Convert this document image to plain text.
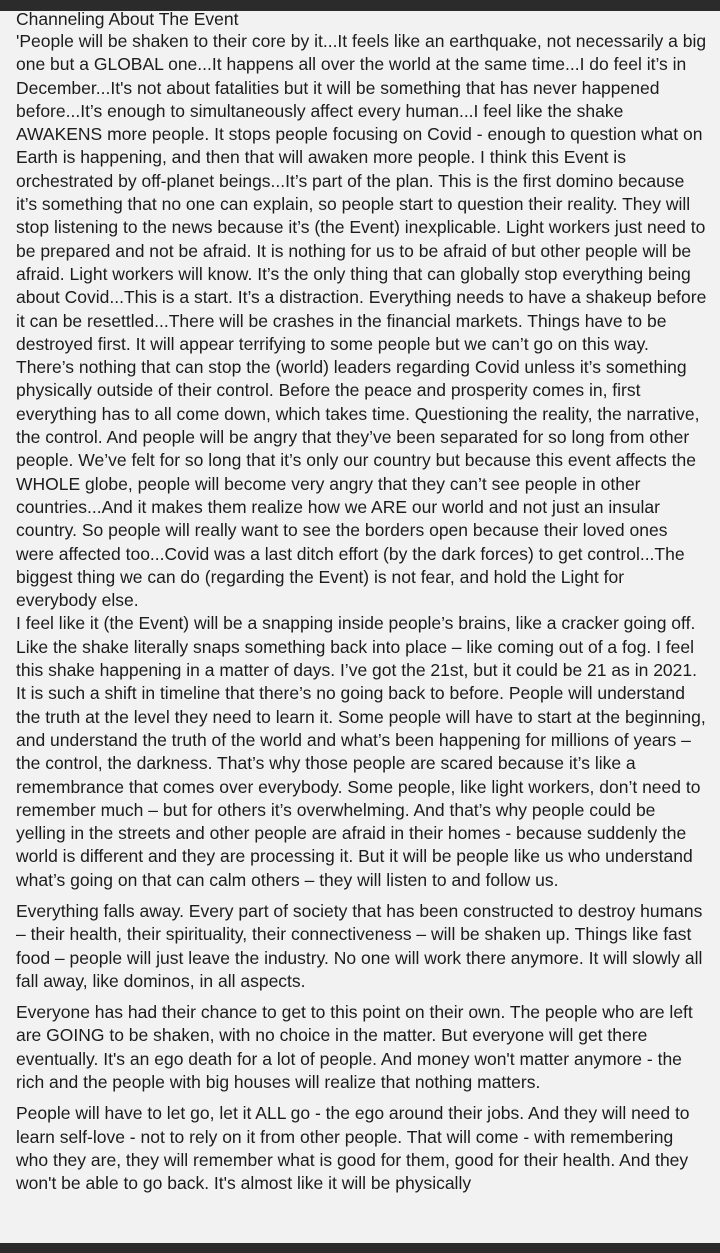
Channeling About The Event

'People will be shaken to their core by it...It feels like an earthquake, not necessarily a big one but a GLOBAL one...It happens all over the world at the same time...I do feel it’s in December...It's not about fatalities but it will be something that has never happened before...It’s enough to simultaneously affect every human...I feel like the shake AWAKENS more people. It stops people focusing on Covid - enough to question what on Earth is happening, and then that will awaken more people. I think this Event is orchestrated by off-planet beings...It’s part of the plan. This is the first domino because it’s something that no one can explain, so people start to question their reality. They will stop listening to the news because it’s (the Event) inexplicable. Light workers just need to be prepared and not be afraid. It is nothing for us to be afraid of but other people will be afraid. Light workers will know. It’s the only thing that can globally stop everything being about Covid...This is a start. It’s a distraction. Everything needs to have a shakeup before it can be resettled...There will be crashes in the financial markets. Things have to be destroyed first. It will appear terrifying to some people but we can’t go on this way. There’s nothing that can stop the (world) leaders regarding Covid unless it’s something physically outside of their control. Before the peace and prosperity comes in, first everything has to all come down, which takes time. Questioning the reality, the narrative, the control. And people will be angry that they’ve been separated for so long from other people. We’ve felt for so long that it’s only our country but because this event affects the WHOLE globe, people will become very angry that they can’t see people in other countries...And it makes them realize how we ARE our world and not just an insular country. So people will really want to see the borders open because their loved ones were affected too...Covid was a last ditch effort (by the dark forces) to get control...The biggest thing we can do (regarding the Event) is not fear, and hold the Light for everybody else.

I feel like it (the Event) will be a snapping inside people’s brains, like a cracker going off. Like the shake literally snaps something back into place – like coming out of a fog. I feel this shake happening in a matter of days. I’ve got the 21st, but it could be 21 as in 2021. It is such a shift in timeline that there’s no going back to before. People will understand the truth at the level they need to learn it. Some people will have to start at the beginning, and understand the truth of the world and what’s been happening for millions of years – the control, the darkness. That’s why those people are scared because it’s like a remembrance that comes over everybody. Some people, like light workers, don’t need to remember much – but for others it’s overwhelming. And that’s why people could be yelling in the streets and other people are afraid in their homes - because suddenly the world is different and they are processing it. But it will be people like us who understand what’s going on that can calm others – they will listen to and follow us.

Everything falls away. Every part of society that has been constructed to destroy humans – their health, their spirituality, their connectiveness – will be shaken up. Things like fast food – people will just leave the industry. No one will work there anymore. It will slowly all fall away, like dominos, in all aspects.

Everyone has had their chance to get to this point on their own. The people who are left are GOING to be shaken, with no choice in the matter. But everyone will get there eventually. It's an ego death for a lot of people. And money won't matter anymore - the rich and the people with big houses will realize that nothing matters.

People will have to let go, let it ALL go - the ego around their jobs. And they will need to learn self-love - not to rely on it from other people. That will come - with remembering who they are, they will remember what is good for them, good for their health. And they won't be able to go back. It's almost like it will be physically
